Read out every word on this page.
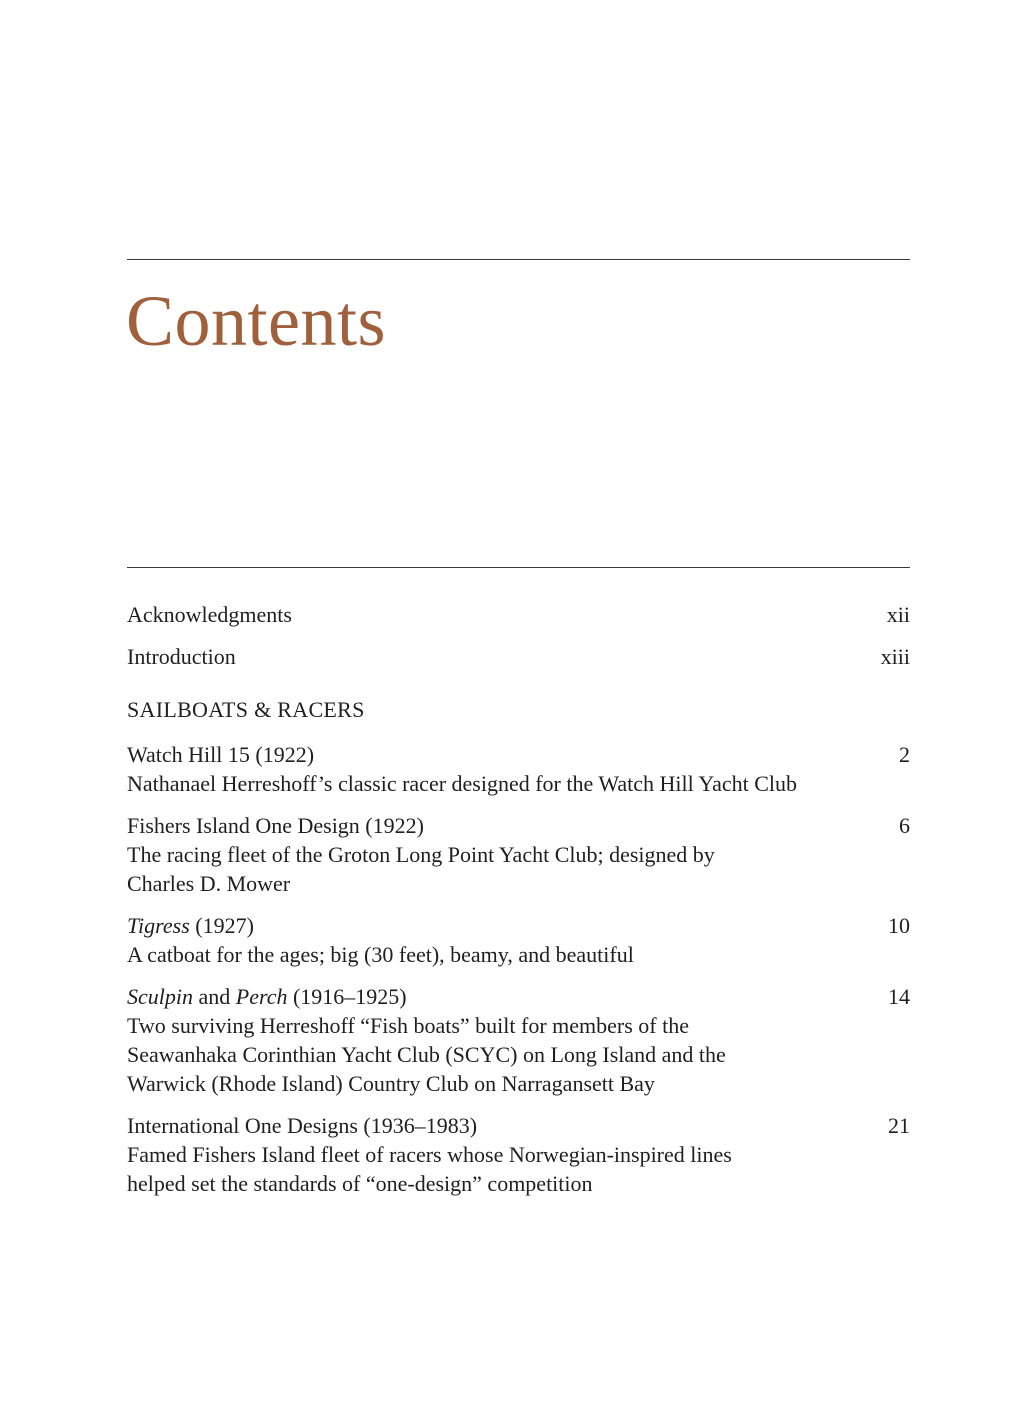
Contents
Acknowledgments	xii
Introduction	xiii
SAILBOATS & RACERS
Watch Hill 15 (1922)
Nathanael Herreshoff’s classic racer designed for the Watch Hill Yacht Club
2
Fishers Island One Design (1922)
The racing fleet of the Groton Long Point Yacht Club; designed by Charles D. Mower
6
Tigress (1927)
A catboat for the ages; big (30 feet), beamy, and beautiful
10
Sculpin and Perch (1916–1925)
Two surviving Herreshoff “Fish boats” built for members of the Seawanhaka Corinthian Yacht Club (SCYC) on Long Island and the Warwick (Rhode Island) Country Club on Narragansett Bay
14
International One Designs (1936–1983)
Famed Fishers Island fleet of racers whose Norwegian-inspired lines helped set the standards of “one-design” competition
21
